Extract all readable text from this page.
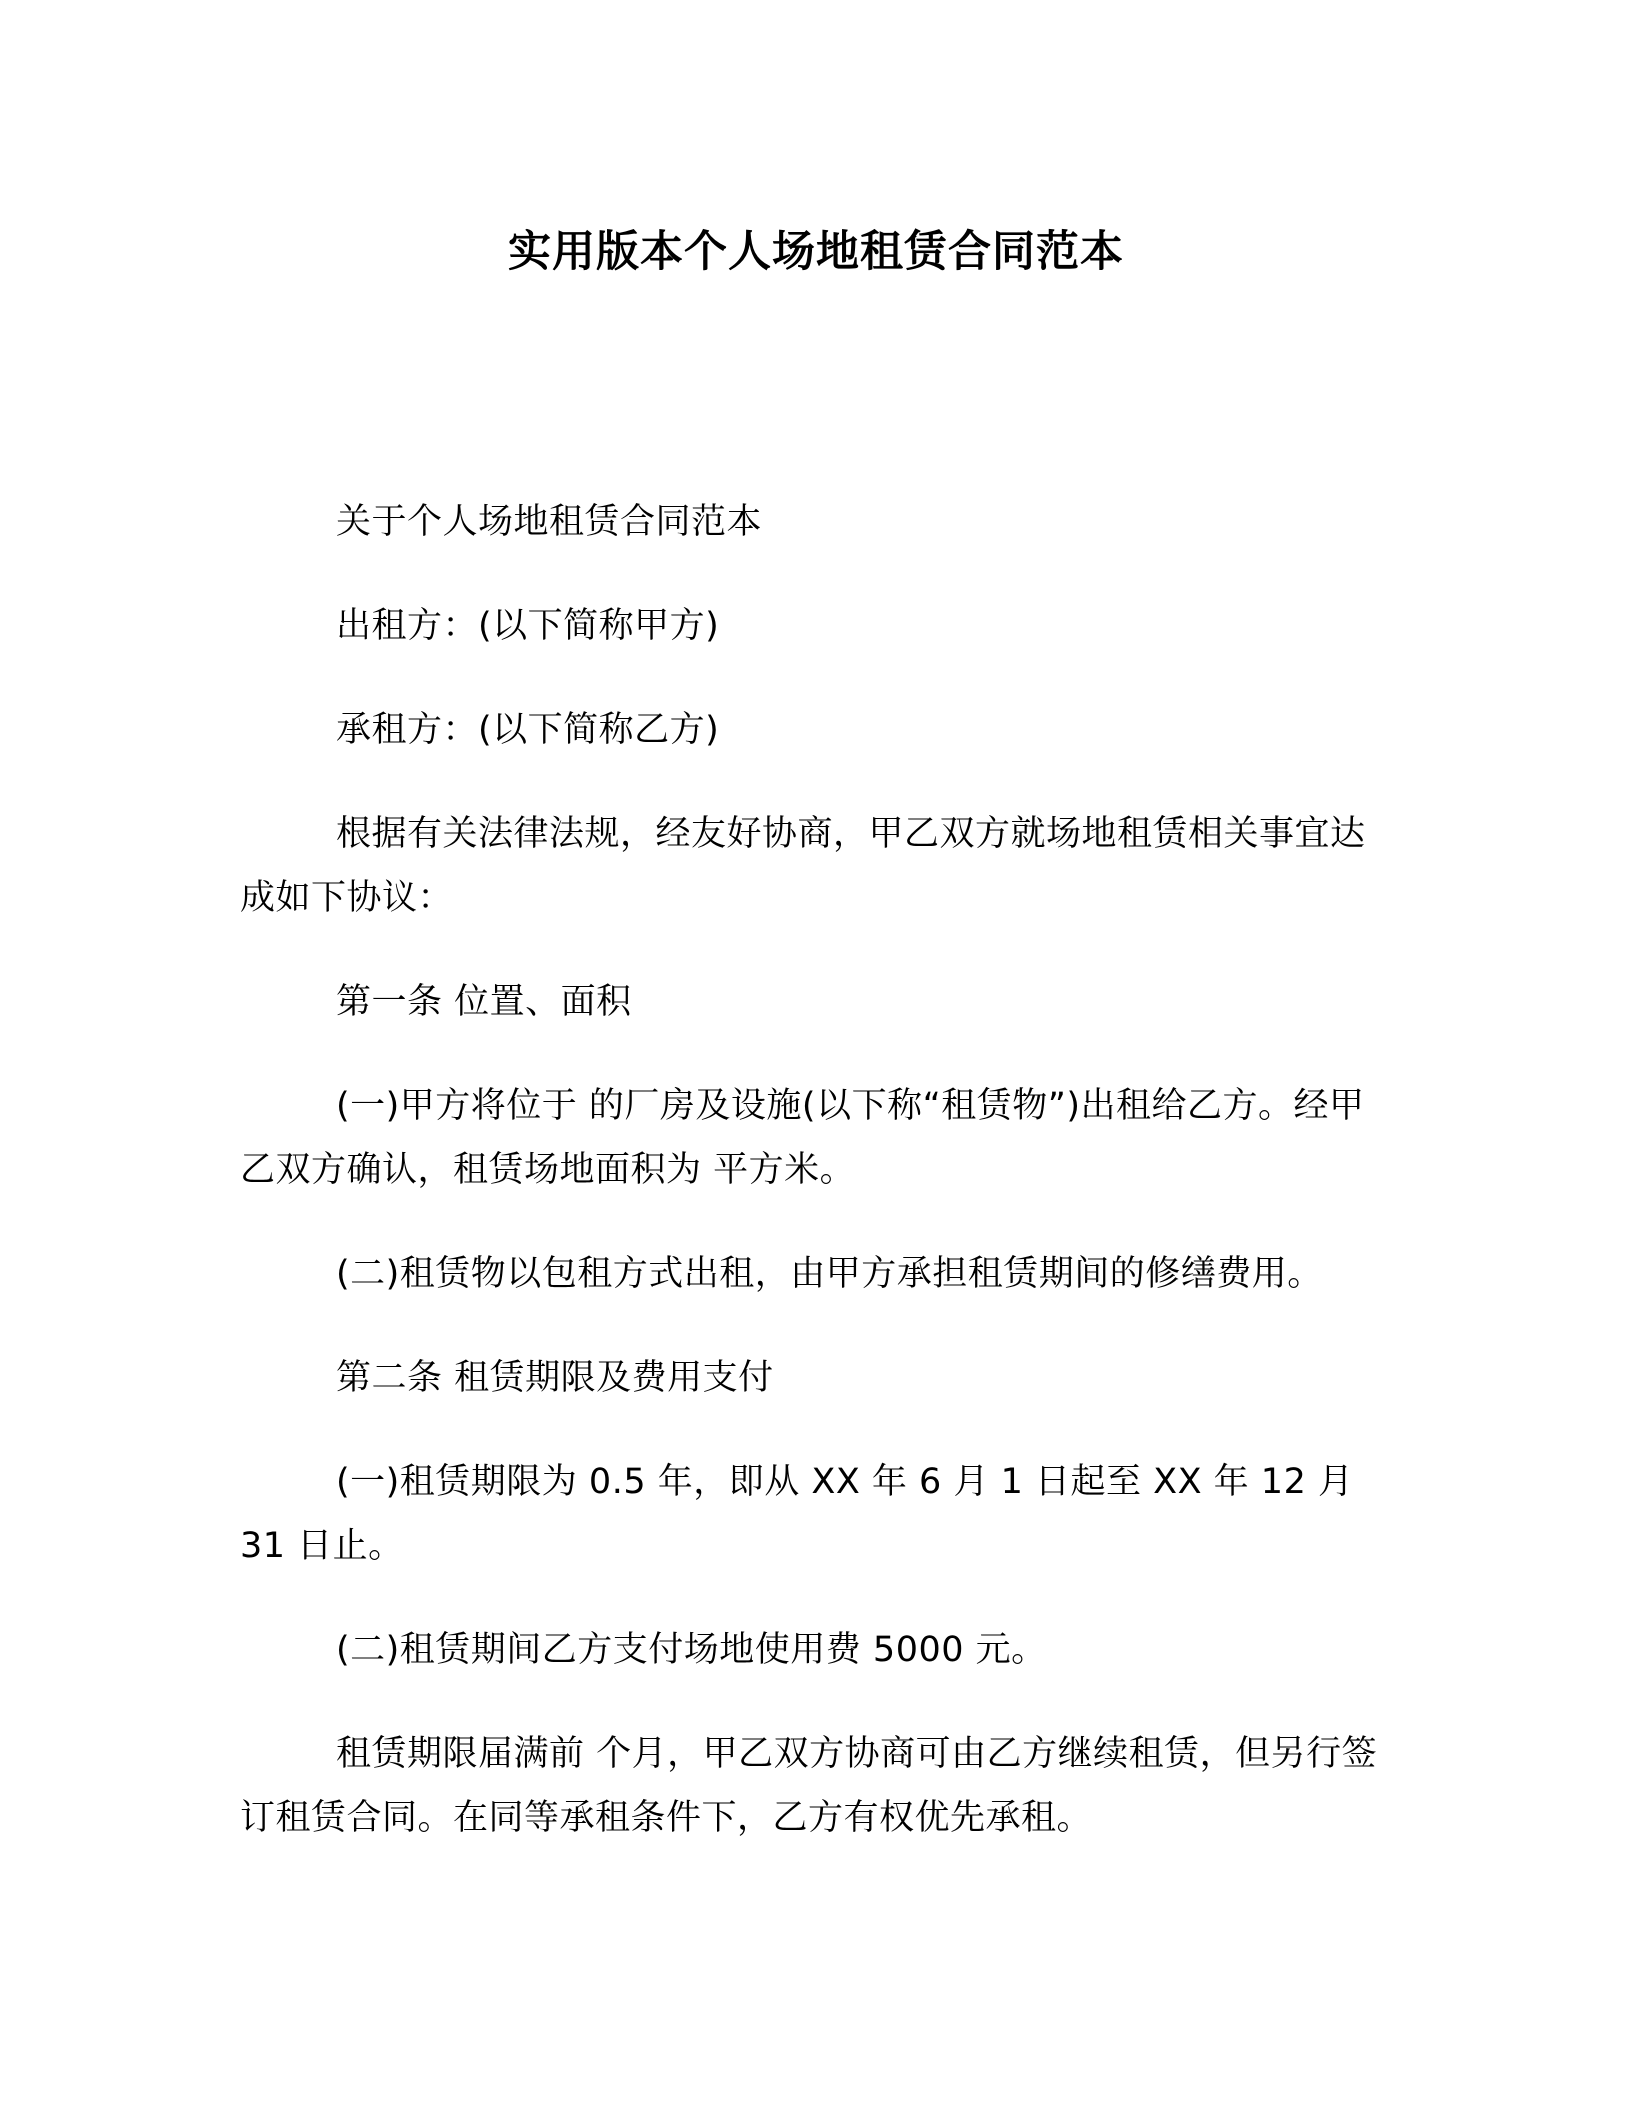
实用版本个人场地租赁合同范本

关于个人场地租赁合同范本

出租方：(以下简称甲方)

承租方：(以下简称乙方)

根据有关法律法规，经友好协商，甲乙双方就场地租赁相关事宜达成如下协议：

第一条 位置、面积

(一)甲方将位于 的厂房及设施(以下称“租赁物”)出租给乙方。经甲乙双方确认，租赁场地面积为 平方米。

(二)租赁物以包租方式出租，由甲方承担租赁期间的修缮费用。

第二条 租赁期限及费用支付

(一)租赁期限为 0.5 年，即从 XX 年 6 月 1 日起至 XX 年 12 月 31 日止。

(二)租赁期间乙方支付场地使用费 5000 元。

租赁期限届满前 个月，甲乙双方协商可由乙方继续租赁，但另行签订租赁合同。在同等承租条件下，乙方有权优先承租。
